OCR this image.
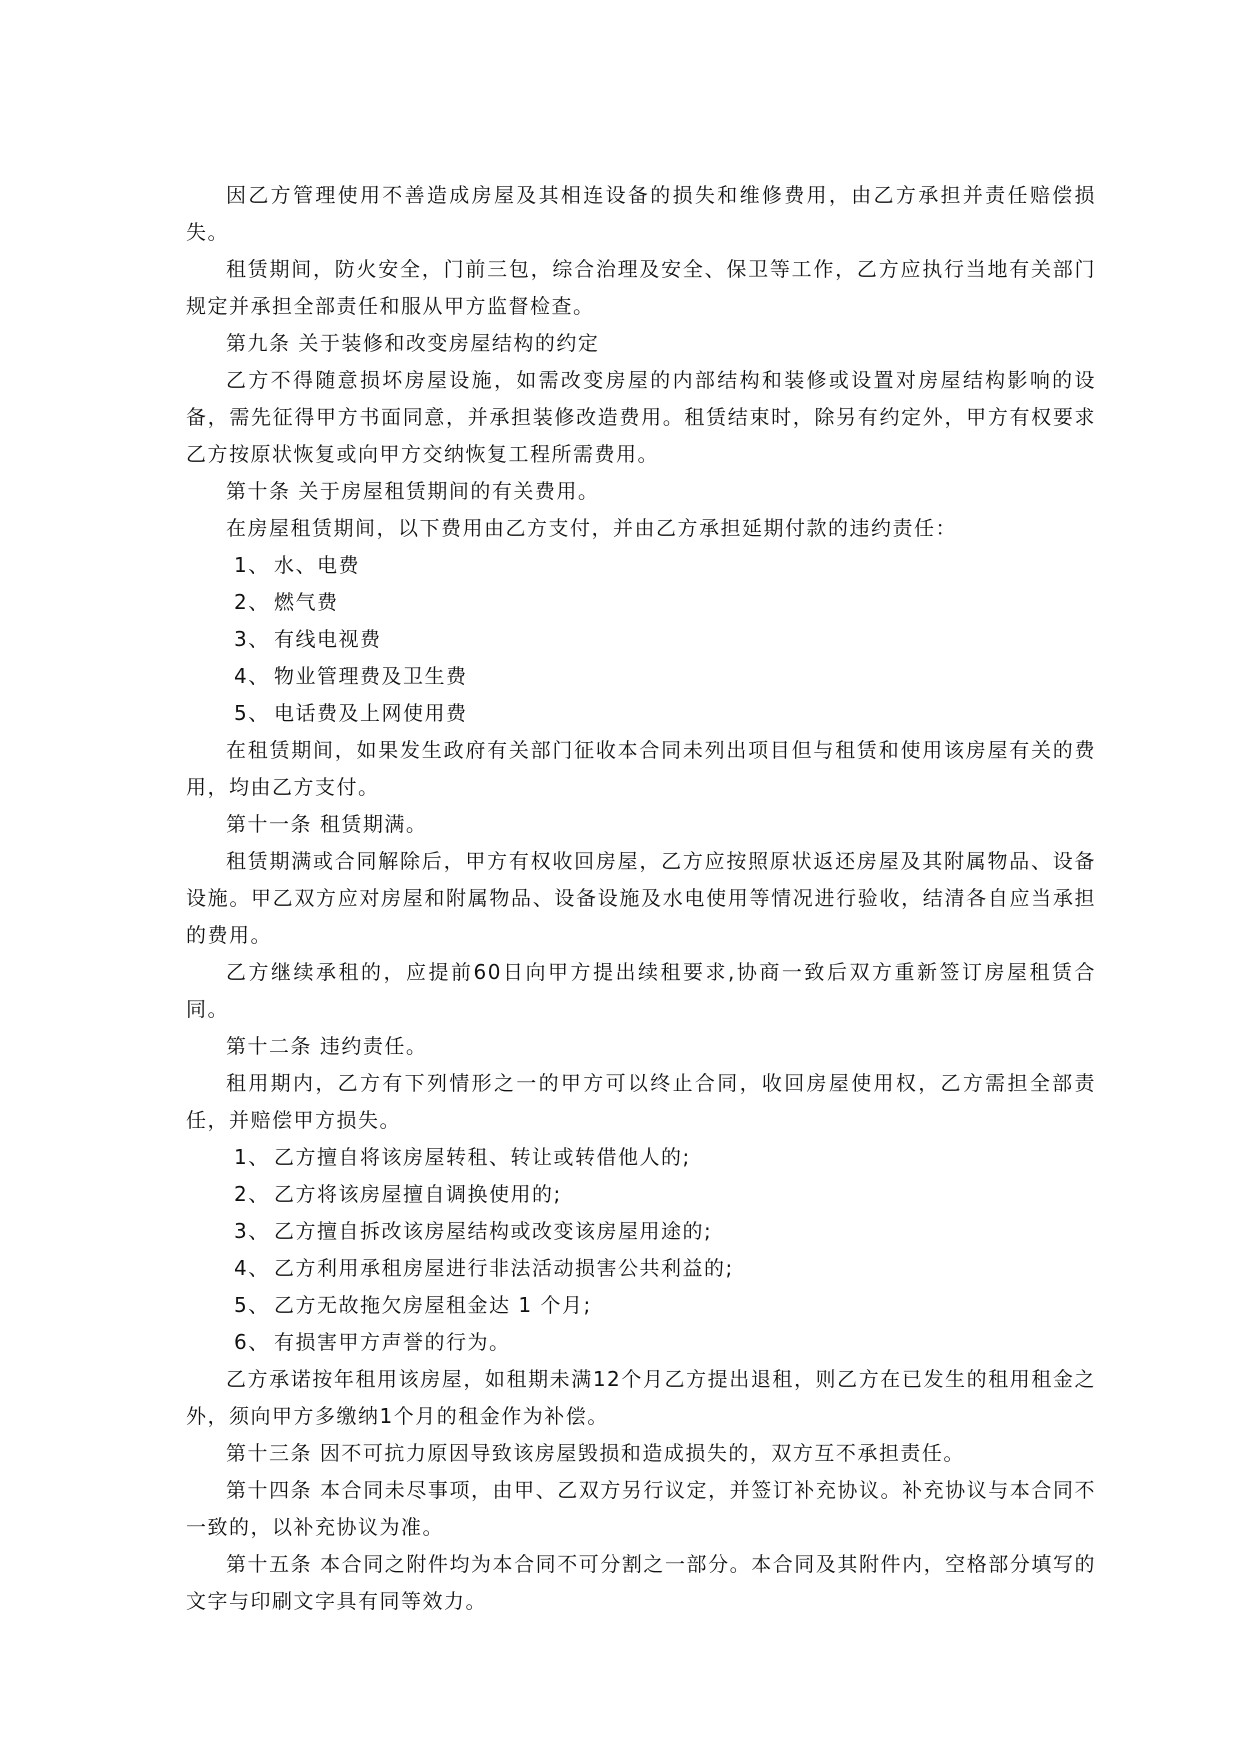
因乙方管理使用不善造成房屋及其相连设备的损失和维修费用，由乙方承担并责任赔偿损失。

租赁期间，防火安全，门前三包，综合治理及安全、保卫等工作，乙方应执行当地有关部门规定并承担全部责任和服从甲方监督检查。

第九条 关于装修和改变房屋结构的约定

乙方不得随意损坏房屋设施，如需改变房屋的内部结构和装修或设置对房屋结构影响的设备，需先征得甲方书面同意，并承担装修改造费用。租赁结束时，除另有约定外，甲方有权要求乙方按原状恢复或向甲方交纳恢复工程所需费用。

第十条 关于房屋租赁期间的有关费用。

在房屋租赁期间，以下费用由乙方支付，并由乙方承担延期付款的违约责任：

1、 水、电费

2、 燃气费

3、 有线电视费

4、 物业管理费及卫生费

5、 电话费及上网使用费

在租赁期间，如果发生政府有关部门征收本合同未列出项目但与租赁和使用该房屋有关的费用，均由乙方支付。

第十一条 租赁期满。

租赁期满或合同解除后，甲方有权收回房屋，乙方应按照原状返还房屋及其附属物品、设备设施。甲乙双方应对房屋和附属物品、设备设施及水电使用等情况进行验收，结清各自应当承担的费用。

乙方继续承租的，应提前60日向甲方提出续租要求,协商一致后双方重新签订房屋租赁合同。

第十二条 违约责任。

租用期内，乙方有下列情形之一的甲方可以终止合同，收回房屋使用权，乙方需担全部责任，并赔偿甲方损失。

1、 乙方擅自将该房屋转租、转让或转借他人的;

2、 乙方将该房屋擅自调换使用的;

3、 乙方擅自拆改该房屋结构或改变该房屋用途的;

4、 乙方利用承租房屋进行非法活动损害公共利益的;

5、 乙方无故拖欠房屋租金达 1 个月;

6、 有损害甲方声誉的行为。

乙方承诺按年租用该房屋，如租期未满12个月乙方提出退租，则乙方在已发生的租用租金之外，须向甲方多缴纳1个月的租金作为补偿。

第十三条 因不可抗力原因导致该房屋毁损和造成损失的，双方互不承担责任。

第十四条 本合同未尽事项，由甲、乙双方另行议定，并签订补充协议。补充协议与本合同不一致的，以补充协议为准。

第十五条 本合同之附件均为本合同不可分割之一部分。本合同及其附件内，空格部分填写的文字与印刷文字具有同等效力。
